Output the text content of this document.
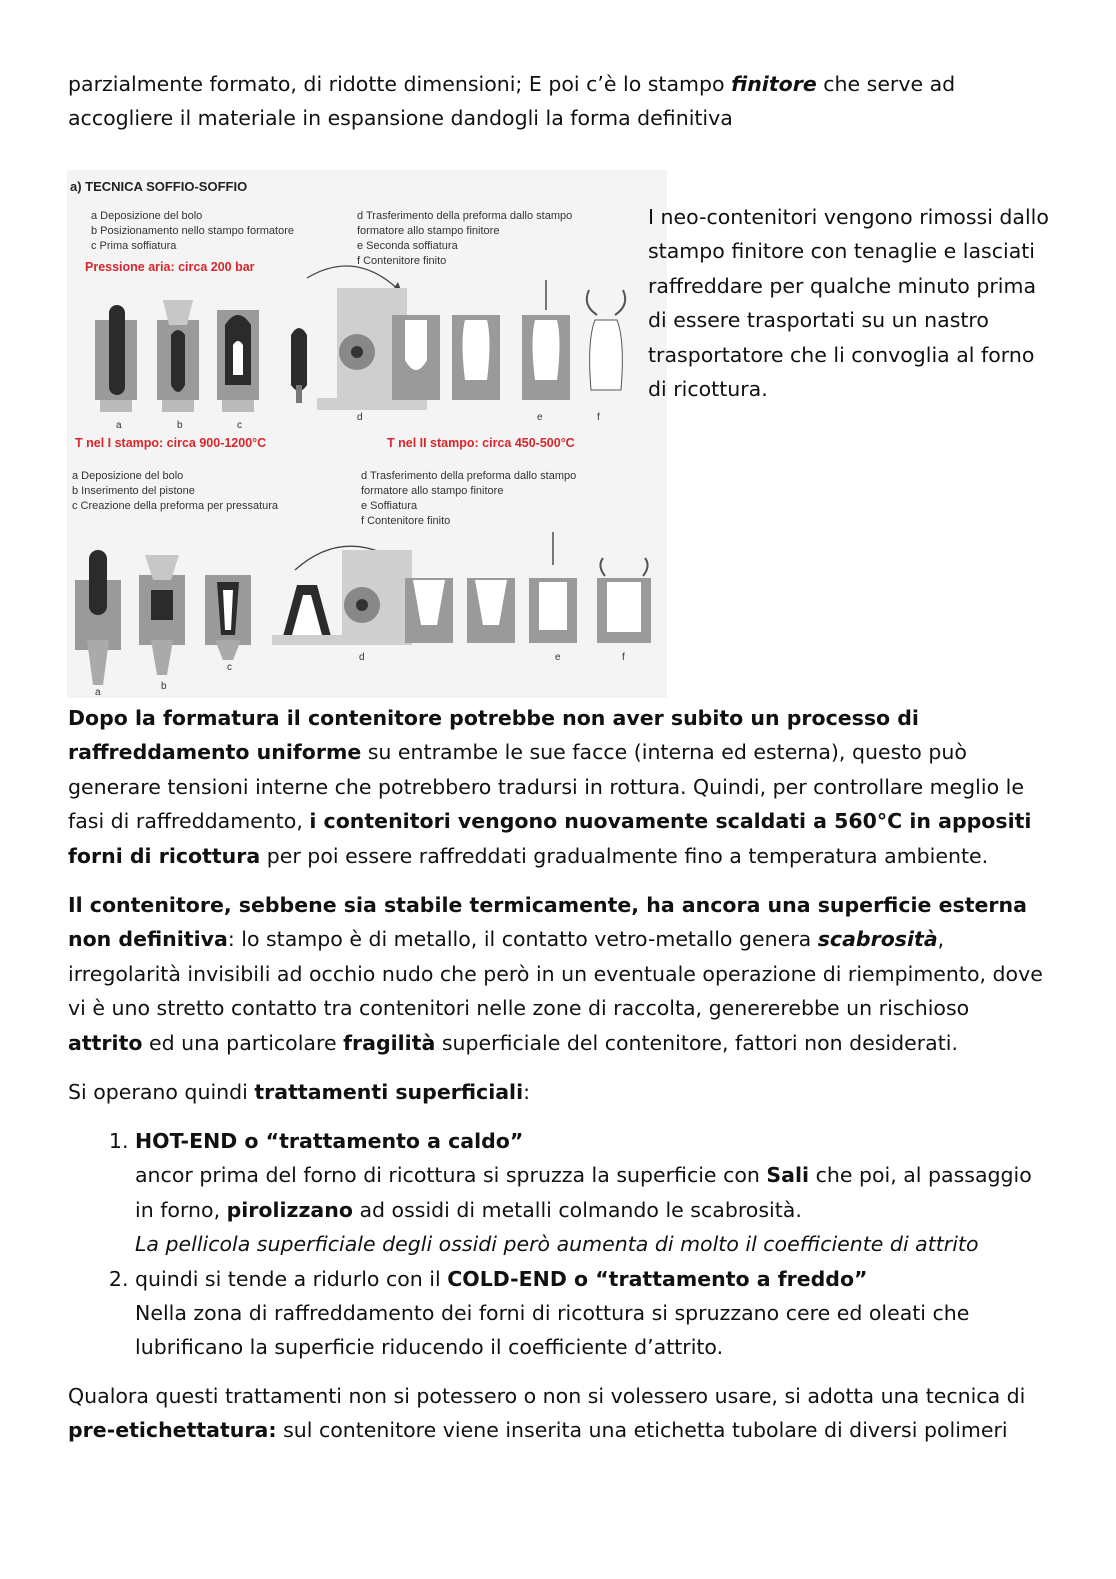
parzialmente formato, di ridotte dimensioni; E poi c’è lo stampo finitore che serve ad accogliere il materiale in espansione dandogli la forma definitiva
a) TECNICA SOFFIO-SOFFIO
a Deposizione del bolo
b Posizionamento nello stampo formatore
c Prima soffiatura
d Trasferimento della preforma dallo stampo
formatore allo stampo finitore
e Seconda soffiatura
f Contenitore finito
Pressione aria: circa 200 bar
a	b	c
d	e	f
T nel I stampo: circa 900-1200°C	T nel II stampo: circa 450-500°C
a Deposizione del bolo
b Inserimento del pistone
c Creazione della preforma per pressatura
d Trasferimento della preforma dallo stampo
formatore allo stampo finitore
e Soffiatura
f Contenitore finito
a
b
c
d	e	f
I neo-contenitori vengono rimossi dallo stampo finitore con tenaglie e lasciati raffreddare per qualche minuto prima di essere trasportati su un nastro trasportatore che li convoglia al forno di ricottura.
Dopo la formatura il contenitore potrebbe non aver subito un processo di raffreddamento uniforme su entrambe le sue facce (interna ed esterna), questo può generare tensioni interne che potrebbero tradursi in rottura. Quindi, per controllare meglio le fasi di raffreddamento, i contenitori vengono nuovamente scaldati a 560°C in appositi forni di ricottura per poi essere raffreddati gradualmente fino a temperatura ambiente.
Il contenitore, sebbene sia stabile termicamente, ha ancora una superficie esterna non definitiva: lo stampo è di metallo, il contatto vetro-metallo genera scabrosità, irregolarità invisibili ad occhio nudo che però in un eventuale operazione di riempimento, dove vi è uno stretto contatto tra contenitori nelle zone di raccolta, genererebbe un rischioso attrito ed una particolare fragilità superficiale del contenitore, fattori non desiderati.
Si operano quindi trattamenti superficiali:
1. HOT-END o “trattamento a caldo”
ancor prima del forno di ricottura si spruzza la superficie con Sali che poi, al passaggio in forno, pirolizzano ad ossidi di metalli colmando le scabrosità.
La pellicola superficiale degli ossidi però aumenta di molto il coefficiente di attrito
2. quindi si tende a ridurlo con il COLD-END o “trattamento a freddo”
Nella zona di raffreddamento dei forni di ricottura si spruzzano cere ed oleati che lubrificano la superficie riducendo il coefficiente d’attrito.
Qualora questi trattamenti non si potessero o non si volessero usare, si adotta una tecnica di pre-etichettatura: sul contenitore viene inserita una etichetta tubolare di diversi polimeri
